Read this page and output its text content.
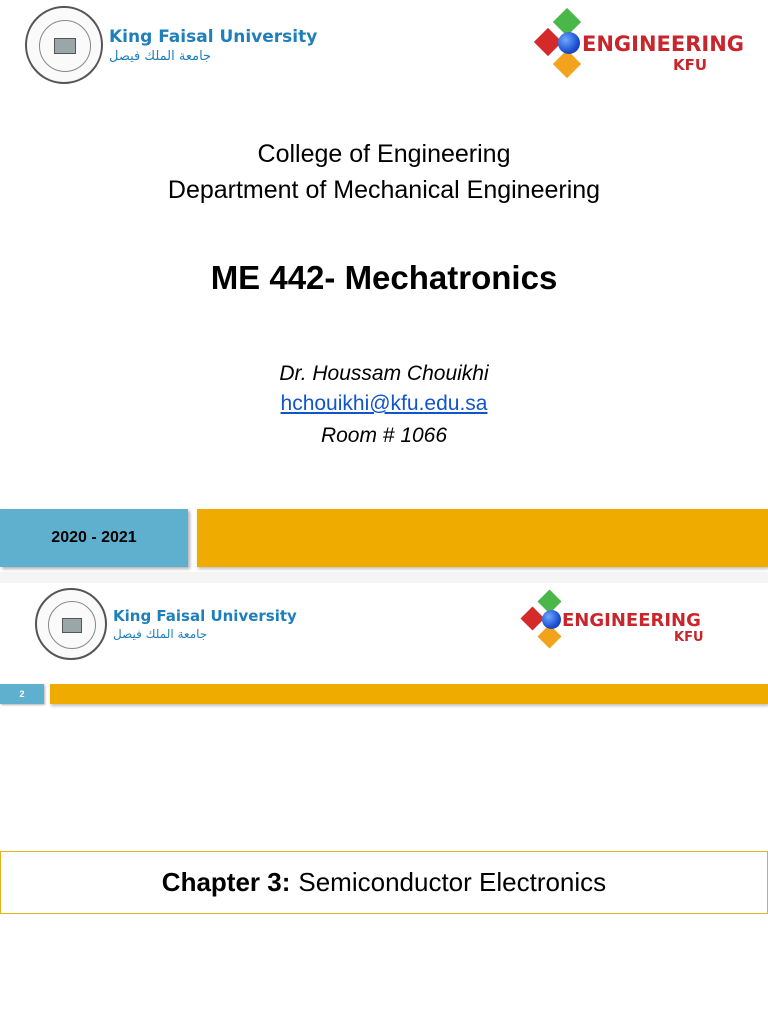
King Faisal University
جامعة الملك فيصل	ENGINEERING
KFU
College of Engineering
Department of Mechanical Engineering
ME 442- Mechatronics
Dr. Houssam Chouikhi
hchouikhi@kfu.edu.sa
Room # 1066
2020 - 2021
King Faisal University
جامعة الملك فيصل
ENGINEERING
KFU
2
Chapter 3: Semiconductor Electronics
